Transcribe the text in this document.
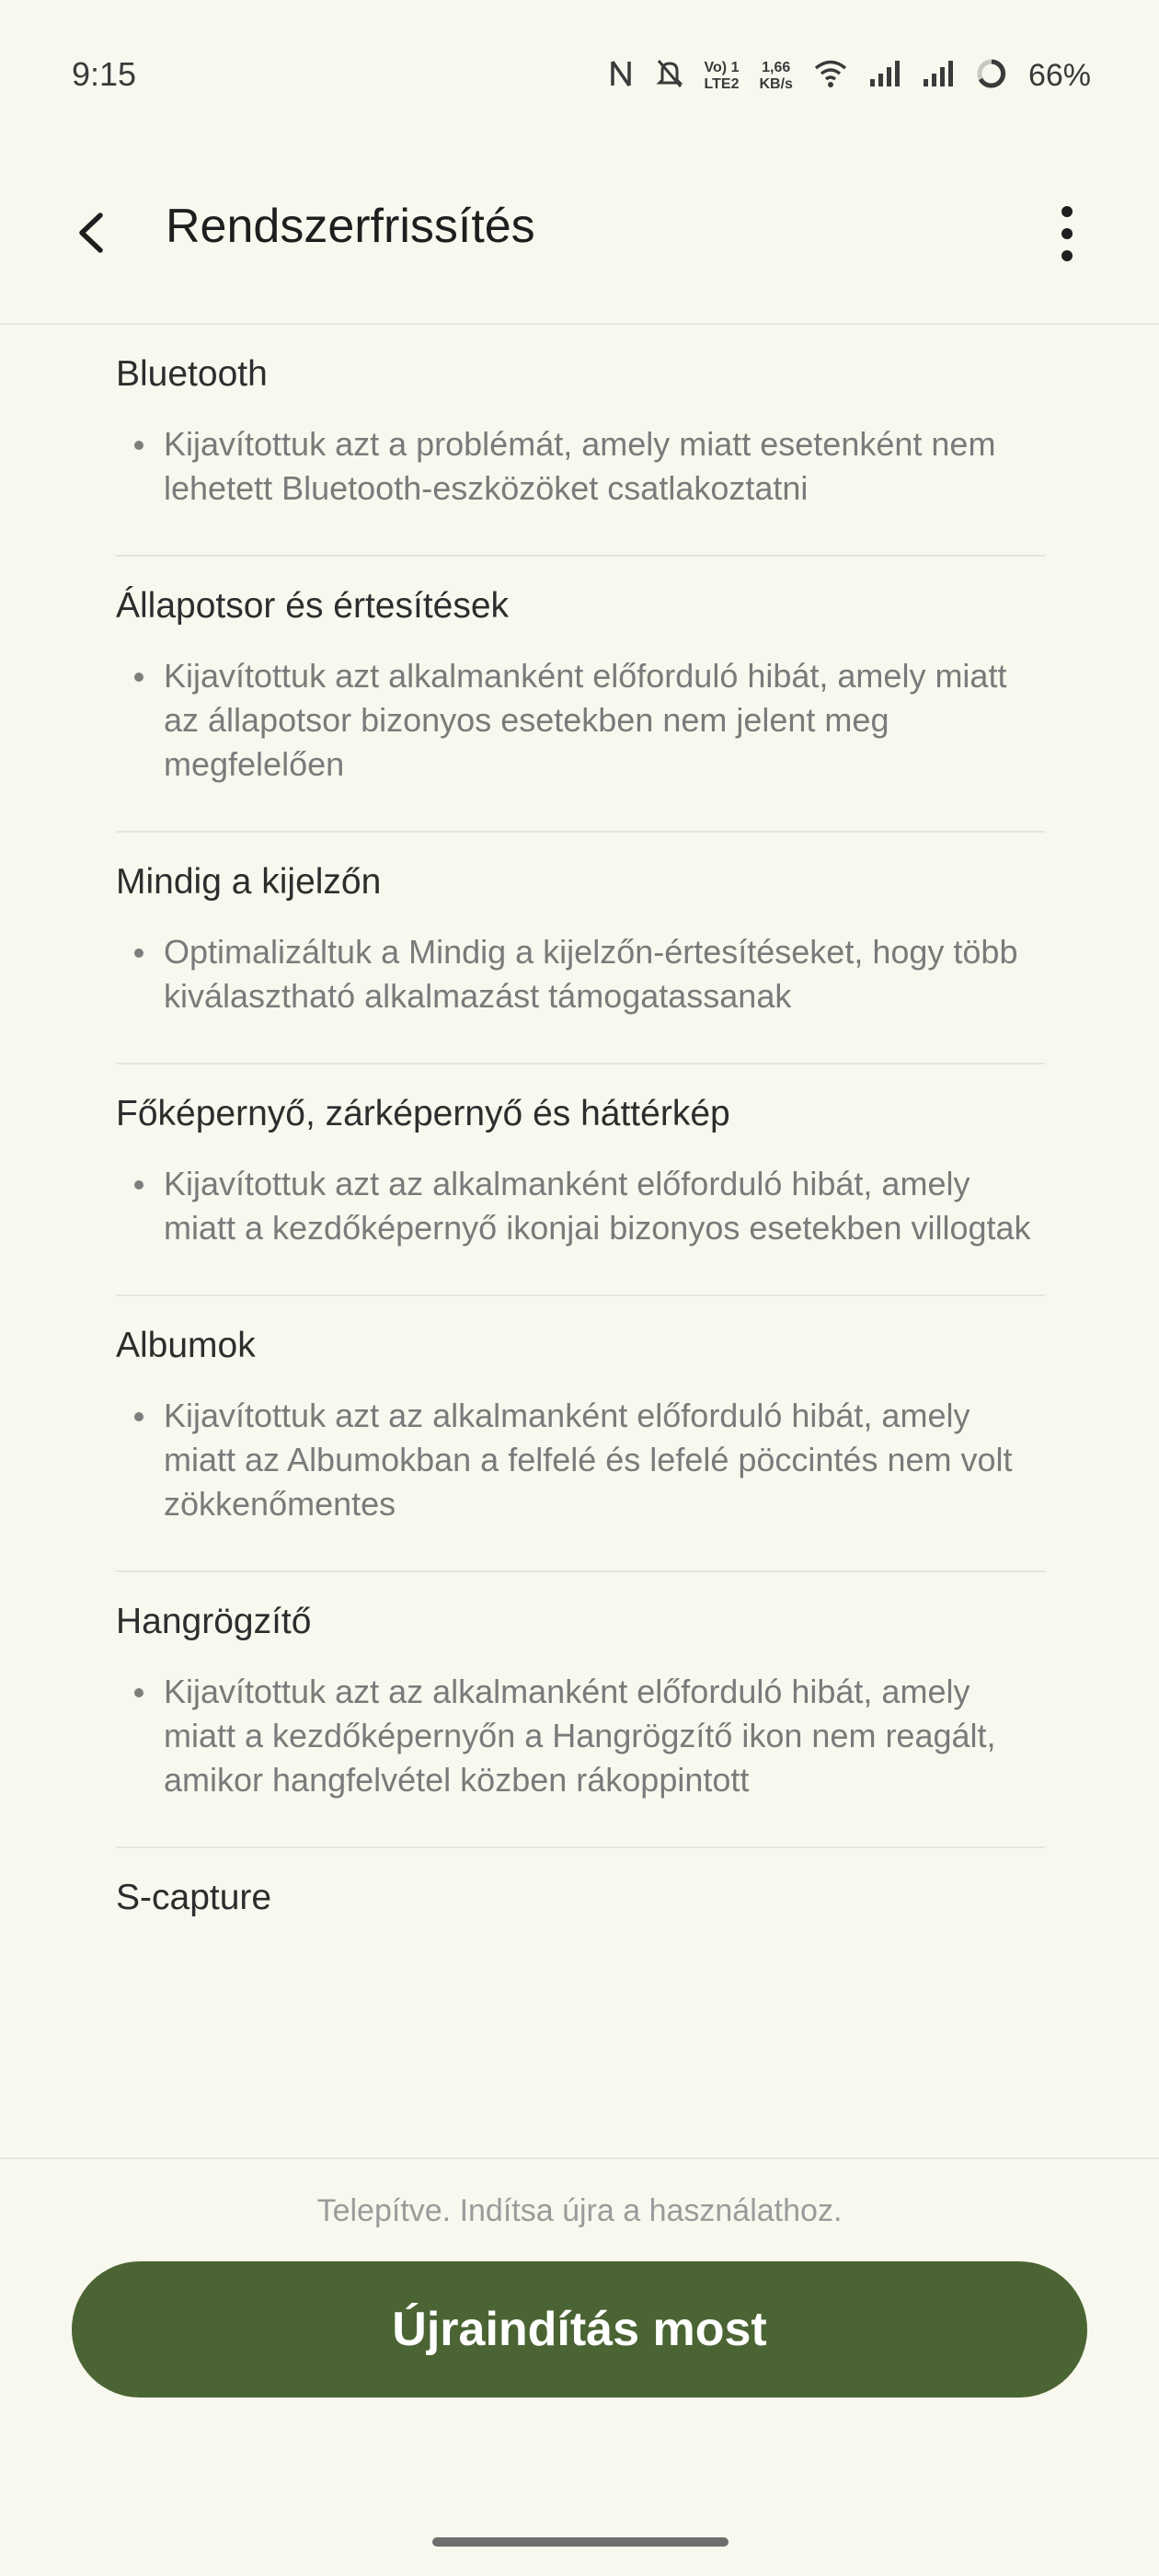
9:15	Vo) 1
LTE2
1,66
KB/s	66%
Rendszerfrissítés
Bluetooth
Kijavítottuk azt a problémát, amely miatt esetenként nem lehetett Bluetooth-eszközöket csatlakoztatni
Állapotsor és értesítések
Kijavítottuk azt alkalmanként előforduló hibát, amely miatt az állapotsor bizonyos esetekben nem jelent meg megfelelően
Mindig a kijelzőn
Optimalizáltuk a Mindig a kijelzőn-értesítéseket, hogy több kiválasztható alkalmazást támogatassanak
Főképernyő, zárképernyő és háttérkép
Kijavítottuk azt az alkalmanként előforduló hibát, amely miatt a kezdőképernyő ikonjai bizonyos esetekben villogtak
Albumok
Kijavítottuk azt az alkalmanként előforduló hibát, amely miatt az Albumokban a felfelé és lefelé pöccintés nem volt zökkenőmentes
Hangrögzítő
Kijavítottuk azt az alkalmanként előforduló hibát, amely miatt a kezdőképernyőn a Hangrögzítő ikon nem reagált, amikor hangfelvétel közben rákoppintott
S-capture
Telepítve. Indítsa újra a használathoz.
Újraindítás most
